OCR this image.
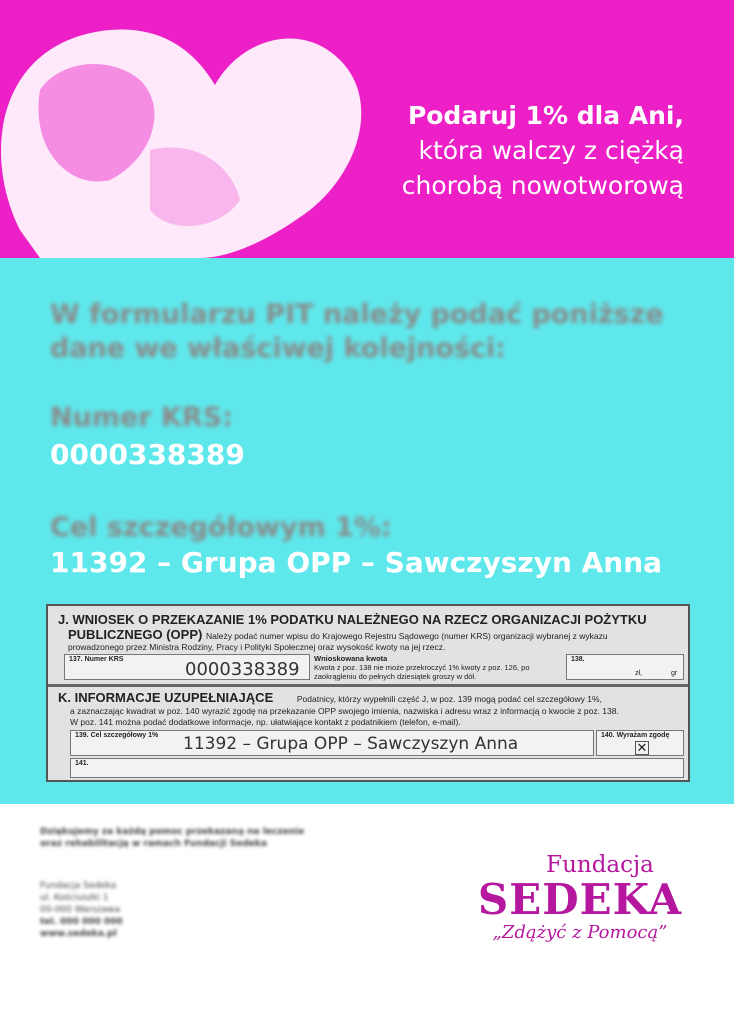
Podaruj 1% dla Ani,
która walczy z ciężką
chorobą nowotworową
W formularzu PIT należy podać poniższe dane we właściwej kolejności:
Numer KRS:
0000338389
Cel szczegółowym 1%:
11392 – Grupa OPP – Sawczyszyn Anna
J. WNIOSEK O PRZEKAZANIE 1% PODATKU NALEŻNEGO NA RZECZ ORGANIZACJI POŻYTKU
PUBLICZNEGO (OPP) Należy podać numer wpisu do Krajowego Rejestru Sądowego (numer KRS) organizacji wybranej z wykazu
prowadzonego przez Ministra Rodziny, Pracy i Polityki Społecznej oraz wysokość kwoty na jej rzecz.
137. Numer KRS	0000338389
Wnioskowana kwota
Kwota z poz. 138 nie może przekroczyć 1% kwoty z poz. 126, po zaokrągleniu do pełnych dziesiątek groszy w dół.
138.
zł,	gr
K. INFORMACJE UZUPEŁNIAJĄCE	Podatnicy, którzy wypełnili część J, w poz. 139 mogą podać cel szczegółowy 1%,
a zaznaczając kwadrat w poz. 140 wyrazić zgodę na przekazanie OPP swojego imienia, nazwiska i adresu wraz z informacją o kwocie z poz. 138.
W poz. 141 można podać dodatkowe informacje, np. ułatwiające kontakt z podatnikiem (telefon, e-mail).
139. Cel szczegółowy 1% 11392 – Grupa OPP – Sawczyszyn Anna	140. Wyrażam zgodę
✕
141.
Dziękujemy za każdą pomoc przekazaną na leczenie
oraz rehabilitację w ramach Fundacji Sedeka
Fundacja Sedeka
ul. Kościuszki 1
00-000 Warszawa
tel. 000 000 000
www.sedeka.pl
Fundacja
SEDEKA
„Zdążyć z Pomocą”
